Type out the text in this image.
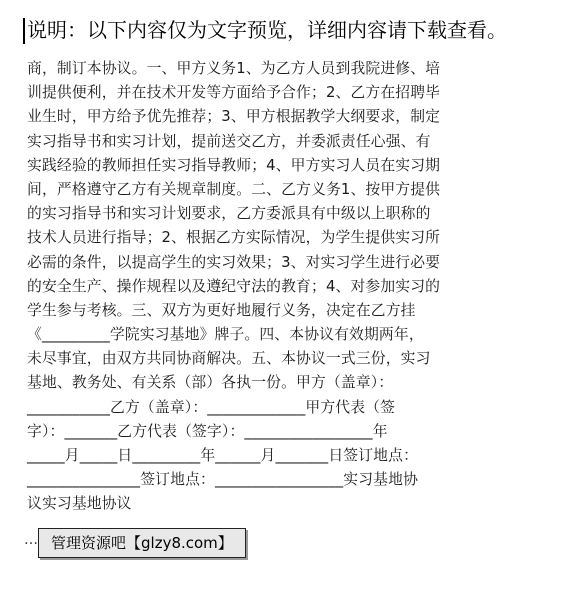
说明：以下内容仅为文字预览，详细内容请下载查看。
商，制订本协议。一、甲方义务1、为乙方人员到我院进修、培
训提供便利，并在技术开发等方面给予合作；2、乙方在招聘毕
业生时，甲方给予优先推荐；3、甲方根据教学大纲要求，制定
实习指导书和实习计划，提前送交乙方，并委派责任心强、有
实践经验的教师担任实习指导教师；4、甲方实习人员在实习期
间，严格遵守乙方有关规章制度。二、乙方义务1、按甲方提供
的实习指导书和实习计划要求，乙方委派具有中级以上职称的
技术人员进行指导；2、根据乙方实际情况，为学生提供实习所
必需的条件，以提高学生的实习效果；3、对实习学生进行必要
的安全生产、操作规程以及遵纪守法的教育；4、对参加实习的
学生参与考核。三、双方为更好地履行义务，决定在乙方挂
《_________学院实习基地》牌子。四、本协议有效期两年，
未尽事宜，由双方共同协商解决。五、本协议一式三份，实习
基地、教务处、有关系（部）各执一份。甲方（盖章）：
___________乙方（盖章）：_____________甲方代表（签
字）：_______乙方代表（签字）：_________________年
_____月_____日_________年______月_______日签订地点：
_______________签订地点：_________________实习基地协
议实习基地协议
… 管理资源吧【glzy8.com】
